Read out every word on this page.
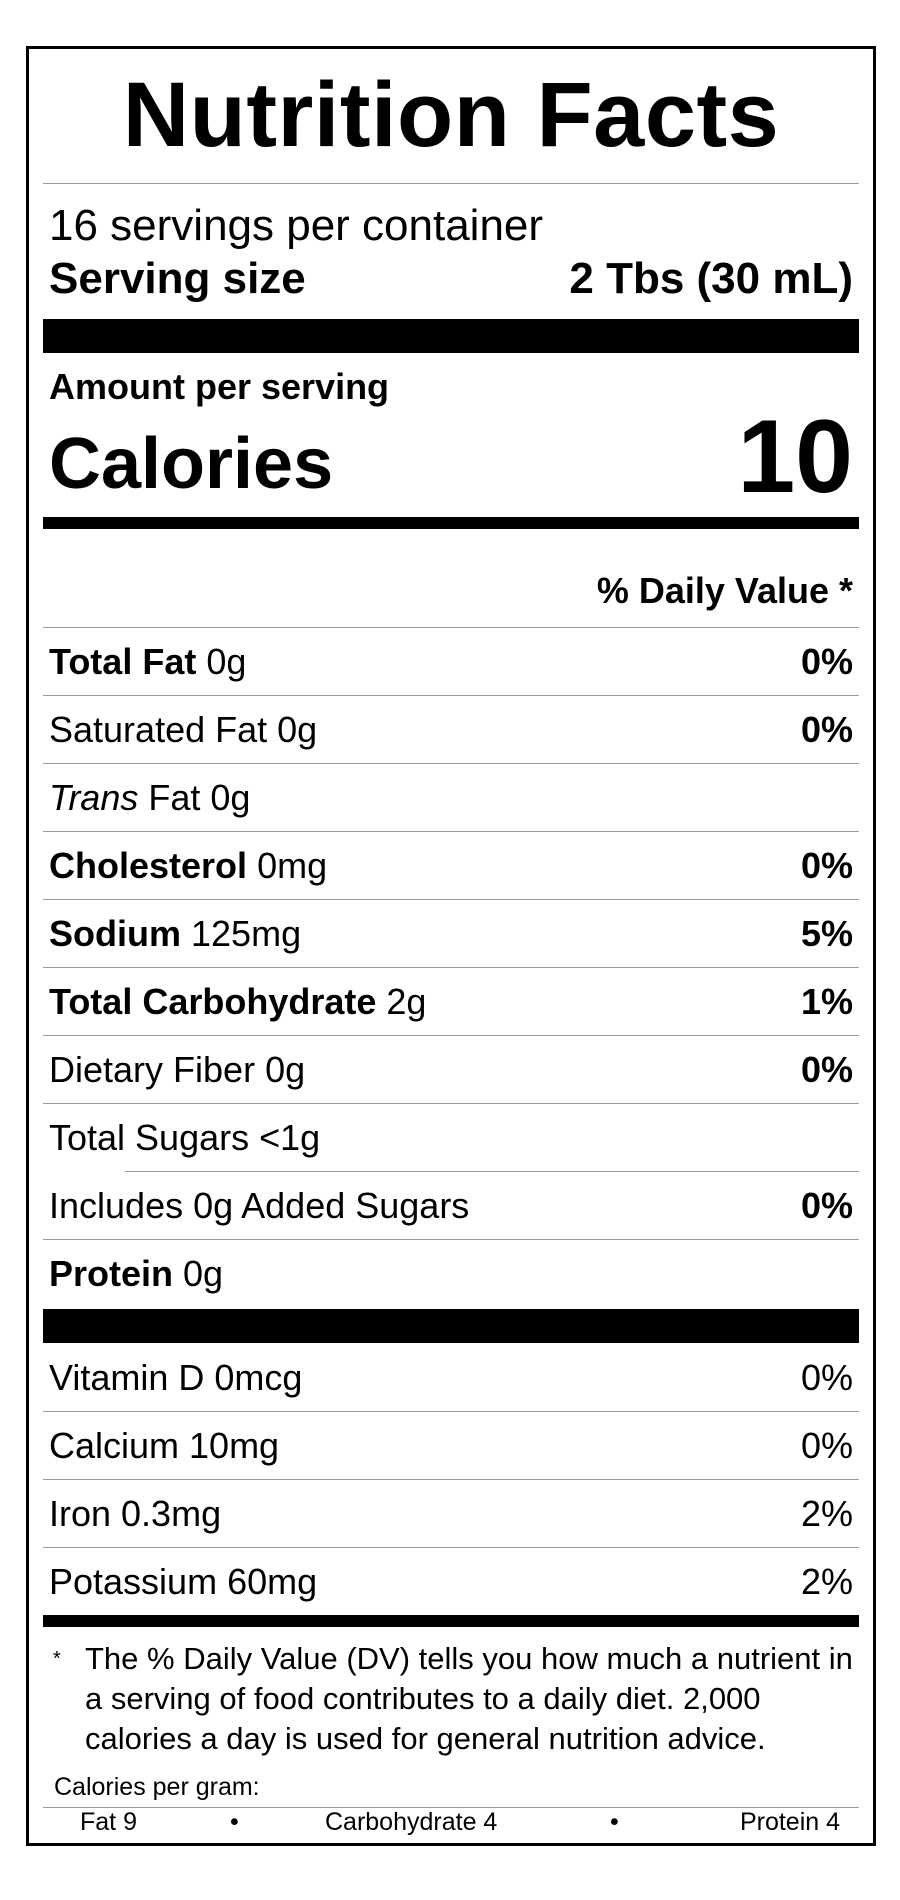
Nutrition Facts
16 servings per container
Serving size	2 Tbs (30 mL)
Amount per serving
Calories	10
% Daily Value *
Total Fat 0g	0%
Saturated Fat 0g	0%
Trans Fat 0g
Cholesterol 0mg	0%
Sodium 125mg	5%
Total Carbohydrate 2g	1%
Dietary Fiber 0g	0%
Total Sugars <1g
Includes 0g Added Sugars	0%
Protein 0g
Vitamin D 0mcg	0%
Calcium 10mg	0%
Iron 0.3mg	2%
Potassium 60mg	2%
* The % Daily Value (DV) tells you how much a nutrient in a serving of food contributes to a daily diet. 2,000 calories a day is used for general nutrition advice.
Calories per gram:
Fat 9	•	Carbohydrate 4	•	Protein 4
